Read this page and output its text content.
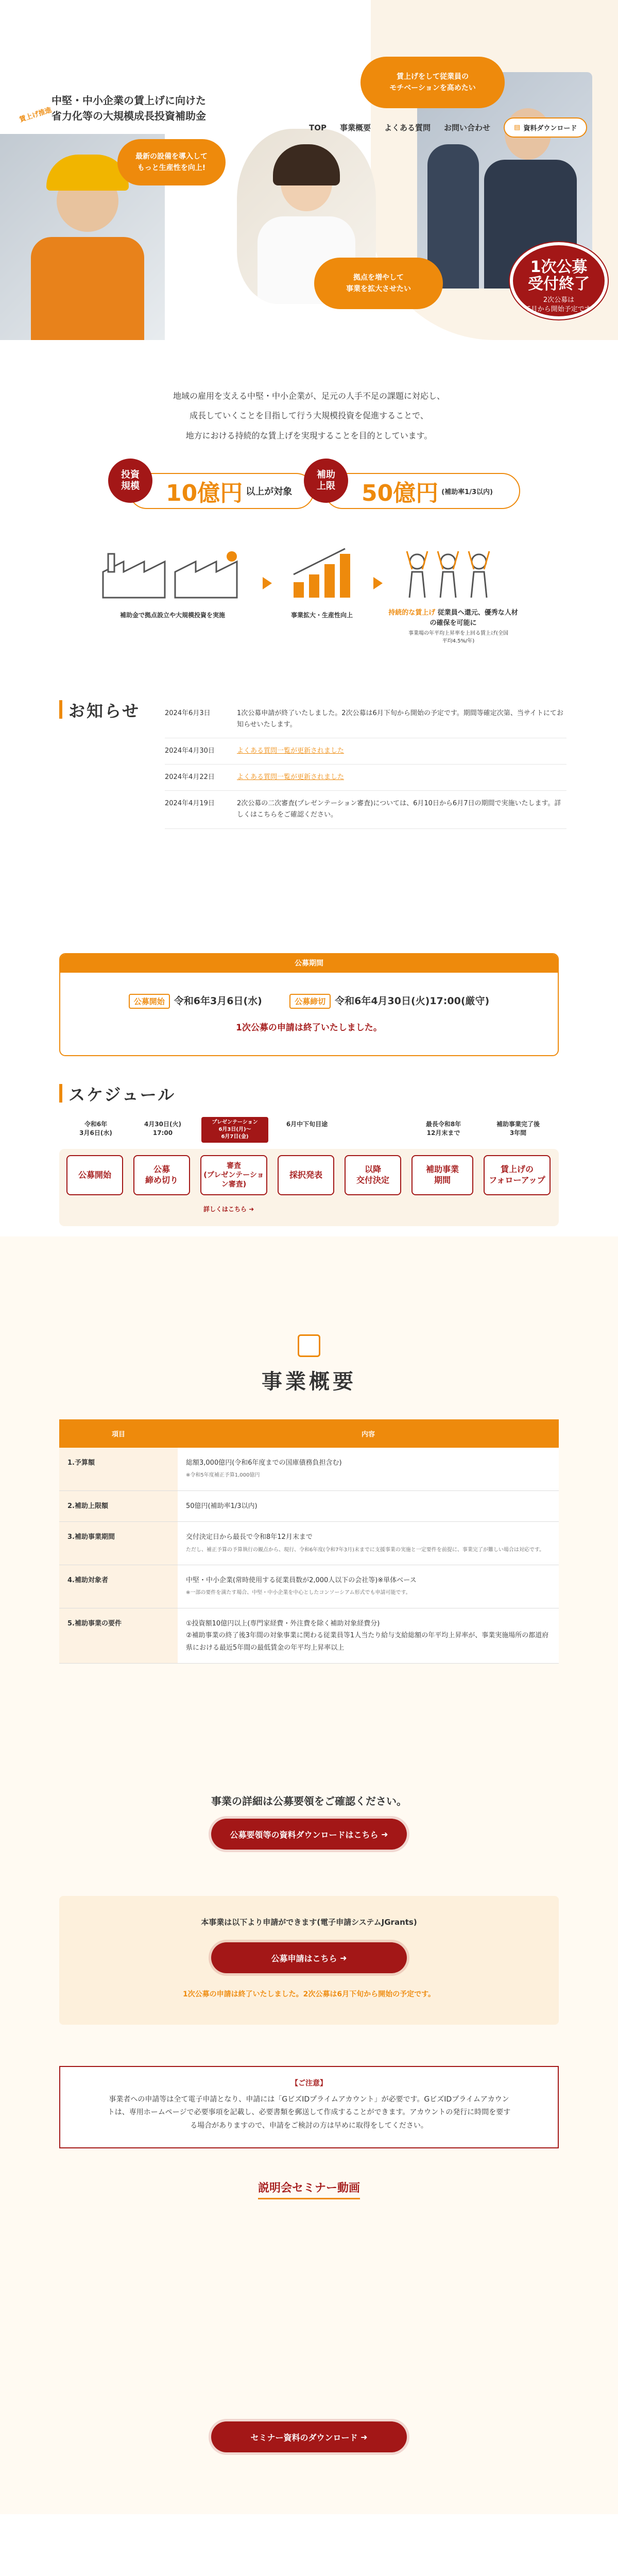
中堅・中小企業の賃上げに向けた
省力化等の大規模成長投資補助金
賃上げ推進
最新の設備を導入して
もっと生産性を向上!
賃上げをして従業員の
モチベーションを高めたい
拠点を増やして
事業を拡大させたい
TOP 事業概要 よくある質問 お問い合わせ	▤ 資料ダウンロード
1次公募
受付終了
2次公募は
6月から開始予定です
地域の雇用を支える中堅・中小企業が、足元の人手不足の課題に対応し、
成長していくことを目指して行う大規模投資を促進することで、
地方における持続的な賃上げを実現することを目的としています。
10億円 以上が対象
投資
規模	50億円 (補助率1/3以内)
補助
上限
補助金で拠点設立や大規模投資を実施	事業拡大・生産性向上	持続的な賃上げ 従業員へ還元、優秀な人材の確保を可能に
事業場の年平均上昇率を上回る賃上げ(全国平均4.5%/年)
お知らせ	2024年6月3日	1次公募申請が終了いたしました。2次公募は6月下旬から開始の予定です。期間等確定次第、当サイトにてお知らせいたします。
2024年4月30日	よくある質問一覧が更新されました
2024年4月22日	よくある質問一覧が更新されました
2024年4月19日	2次公募の二次審査(プレゼンテーション審査)については、6月10日から6月7日の期間で実施いたします。詳しくはこちらをご確認ください。
公募期間
公募開始 令和6年3月6日(水)	公募締切 令和6年4月30日(火)17:00(厳守)
1次公募の申請は終了いたしました。
スケジュール
公募開始
令和6年
3月6日(水)
公募
締め切り
4月30日(火)
17:00
審査
(プレゼンテーション審査)
プレゼンテーション
6月3日(月)〜
6月7日(金)
採択発表
6月中下旬目途
以降
交付決定
補助事業
期間
最長令和8年
12月末まで
賃上げの
フォローアップ
補助事業完了後
3年間
詳しくはこちら ➜
事業概要
項目	内容
1.予算額	総額3,000億円(令和6年度までの国庫債務負担含む)
※令和5年度補正予算1,000億円
2.補助上限額	50億円(補助率1/3以内)

3.補助事業期間	交付決定日から最長で令和8年12月末まで
ただし、補正予算の予算執行の観点から、現行、令和6年度(令和7年3月)末までに支援事業の実施と一定要件を前提に、事業完了が難しい場合は対応です。
4.補助対象者	中堅・中小企業(常時使用する従業員数が2,000人以下の会社等)※単体ベース
※一部の要件を満たす場合、中堅・中小企業を中心としたコンソーシアム形式でも申請可能です。
5.補助事業の要件	①投資額10億円以上(専門家経費・外注費を除く補助対象経費分)
②補助事業の終了後3年間の対象事業に関わる従業員等1人当たり給与支給総額の年平均上昇率が、事業実施場所の都道府県における最近5年間の最低賃金の年平均上昇率以上
事業の詳細は公募要領をご確認ください。
公募要領等の資料ダウンロードはこちら
➜
本事業は以下より申請ができます(電子申請システムJGrants)
公募申請はこちら
➜
1次公募の申請は終了いたしました。2次公募は6月下旬から開始の予定です。
【ご注意】
事業者への申請等は全て電子申請となり、申請には「GビズIDプライムアカウント」が必要です。GビズIDプライムアカウントは、専用ホームページで必要事項を記載し、必要書類を郵送して作成することができます。アカウントの発行に時間を要する場合がありますので、申請をご検討の方は早めに取得をしてください。
説明会セミナー動画
セミナー資料のダウンロード
➜
